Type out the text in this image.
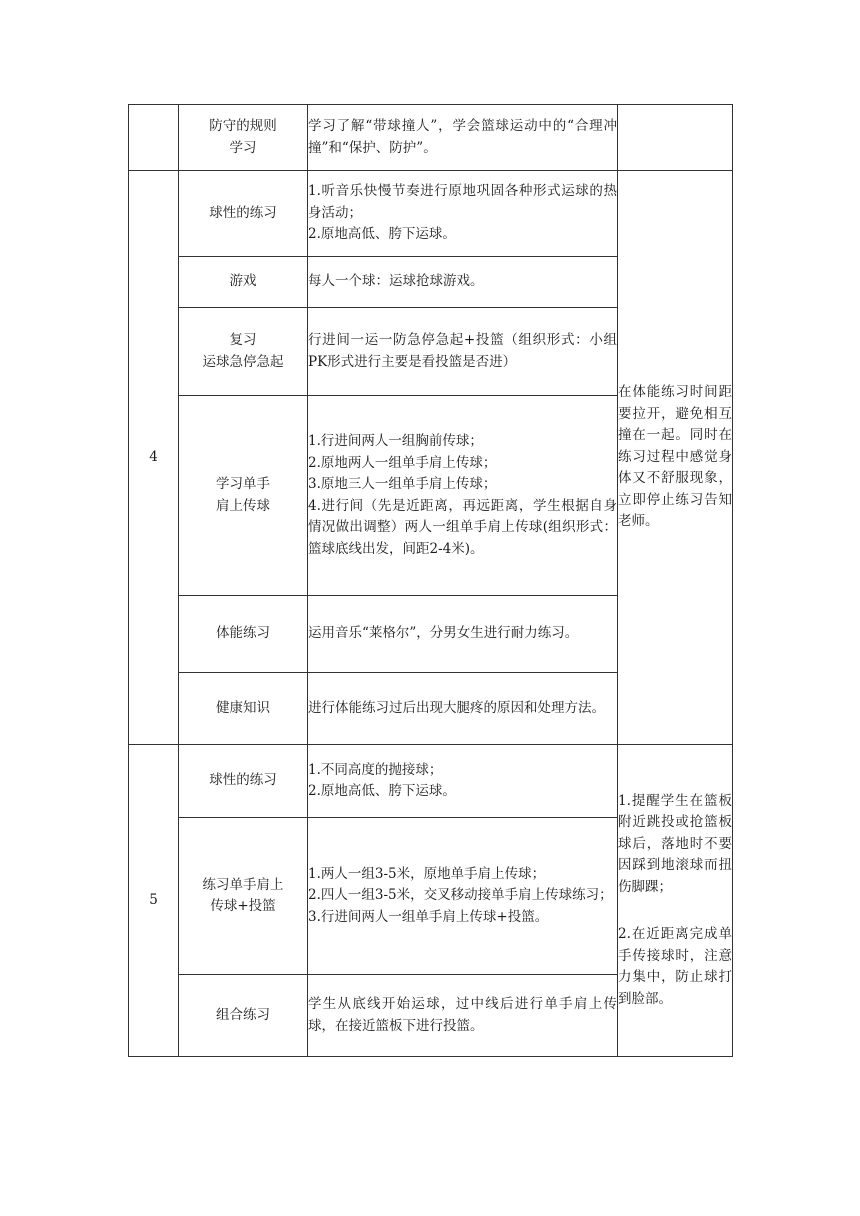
	防守的规则
学习	学习了解“带球撞人”，学会篮球运动中的“合理冲撞”和“保护、防护”。	

4	球性的练习	1.听音乐快慢节奏进行原地巩固各种形式运球的热身活动；
2.原地高低、胯下运球。	在体能练习时间距要拉开，避免相互撞在一起。同时在练习过程中感觉身体又不舒服现象，立即停止练习告知老师。

	游戏	每人一个球：运球抢球游戏。	

	复习
运球急停急起	行进间一运一防急停急起+投篮（组织形式：小组PK形式进行主要是看投篮是否进）	

	学习单手
肩上传球	1.行进间两人一组胸前传球；
2.原地两人一组单手肩上传球；
3.原地三人一组单手肩上传球；
4.进行间（先是近距离，再远距离，学生根据自身情况做出调整）两人一组单手肩上传球(组织形式：篮球底线出发，间距2-4米)。	

	体能练习	运用音乐“莱格尔”，分男女生进行耐力练习。	

	健康知识	进行体能练习过后出现大腿疼的原因和处理方法。	

5	球性的练习	1.不同高度的抛接球；
2.原地高低、胯下运球。	1.提醒学生在篮板附近跳投或抢篮板球后，落地时不要因踩到地滚球而扭伤脚踝；
2.在近距离完成单手传接球时，注意力集中，防止球打到脸部。

	练习单手肩上
传球+投篮	1.两人一组3-5米，原地单手肩上传球；
2.四人一组3-5米，交叉移动接单手肩上传球练习；
3.行进间两人一组单手肩上传球+投篮。	

	组合练习	学生从底线开始运球，过中线后进行单手肩上传球，在接近篮板下进行投篮。	
